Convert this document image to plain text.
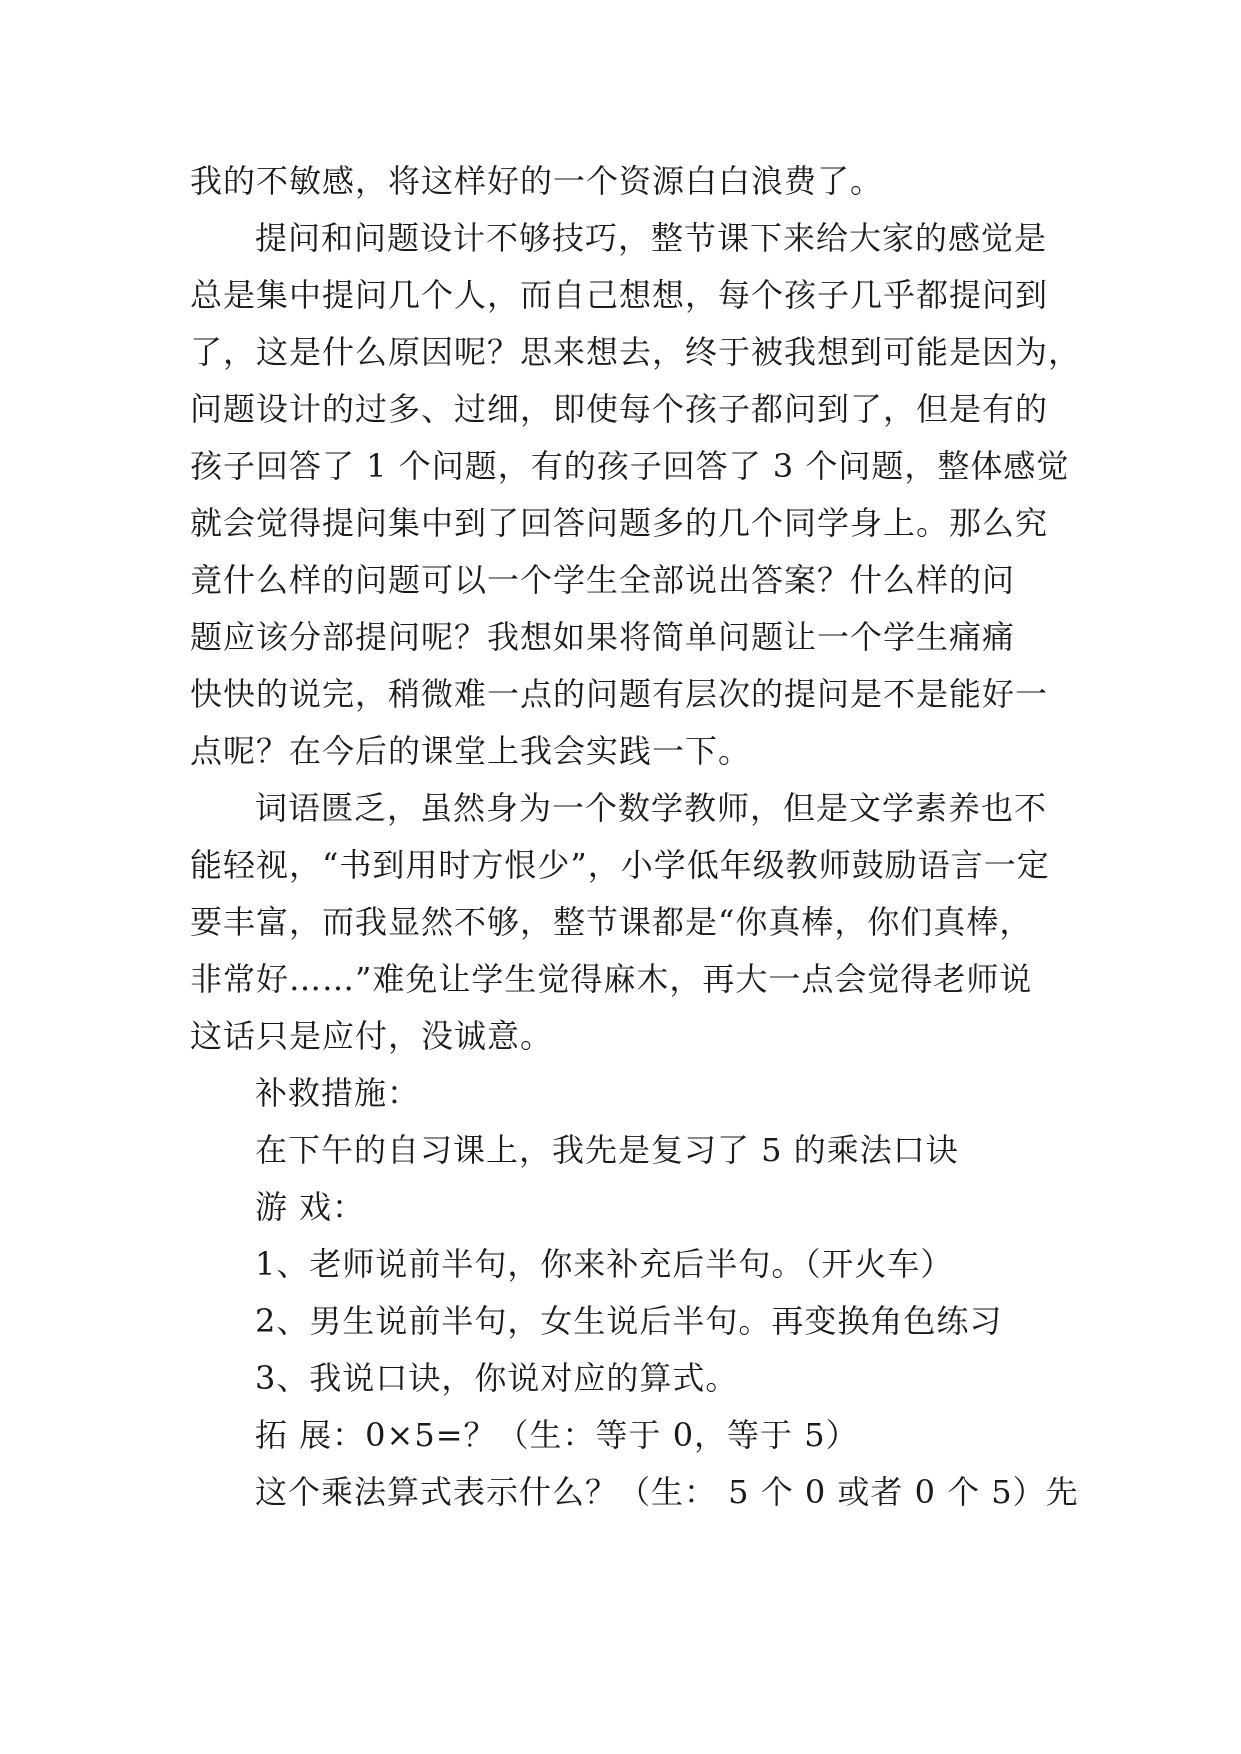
我的不敏感，将这样好的一个资源白白浪费了。
提问和问题设计不够技巧，整节课下来给大家的感觉是
总是集中提问几个人，而自己想想，每个孩子几乎都提问到
了，这是什么原因呢？思来想去，终于被我想到可能是因为，
问题设计的过多、过细，即使每个孩子都问到了，但是有的
孩子回答了 1 个问题，有的孩子回答了 3 个问题，整体感觉
就会觉得提问集中到了回答问题多的几个同学身上。那么究
竟什么样的问题可以一个学生全部说出答案？什么样的问
题应该分部提问呢？我想如果将简单问题让一个学生痛痛
快快的说完，稍微难一点的问题有层次的提问是不是能好一
点呢？在今后的课堂上我会实践一下。
词语匮乏，虽然身为一个数学教师，但是文学素养也不
能轻视，“书到用时方恨少”，小学低年级教师鼓励语言一定
要丰富，而我显然不够，整节课都是“你真棒，你们真棒，
非常好……”难免让学生觉得麻木，再大一点会觉得老师说
这话只是应付，没诚意。
补救措施：
在下午的自习课上，我先是复习了 5 的乘法口诀
游 戏：
1、老师说前半句，你来补充后半句。（开火车）
2、男生说前半句，女生说后半句。再变换角色练习
3、我说口诀，你说对应的算式。
拓 展：0×5=？（生：等于 0，等于 5）
这个乘法算式表示什么？（生： 5 个 0 或者 0 个 5）先
